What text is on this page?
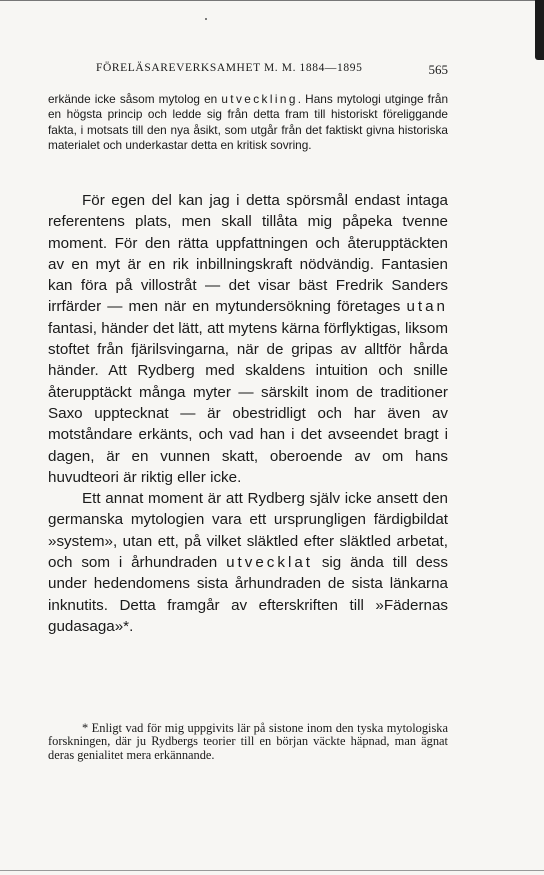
FÖRELÄSAREVERKSAMHET M. M. 1884—1895	565
erkände icke såsom mytolog en utveckling. Hans mytologi utginge från en högsta princip och ledde sig från detta fram till historiskt föreliggande fakta, i motsats till den nya åsikt, som utgår från det faktiskt givna historiska materialet och underkastar detta en kritisk sovring.

För egen del kan jag i detta spörsmål endast intaga referentens plats, men skall tillåta mig påpeka tvenne moment. För den rätta uppfattningen och återupptäckten av en myt är en rik inbillningskraft nödvändig. Fantasien kan föra på villostråt — det visar bäst Fredrik Sanders irrfärder — men när en mytundersökning företages utan fantasi, händer det lätt, att mytens kärna förflyktigas, liksom stoftet från fjärilsvingarna, när de gripas av alltför hårda händer. Att Rydberg med skaldens intuition och snille återupptäckt många myter — särskilt inom de traditioner Saxo upptecknat — är obestridligt och har även av motståndare erkänts, och vad han i det avseendet bragt i dagen, är en vunnen skatt, oberoende av om hans huvudteori är riktig eller icke.

Ett annat moment är att Rydberg själv icke ansett den germanska mytologien vara ett ursprungligen färdigbildat »system», utan ett, på vilket släktled efter släktled arbetat, och som i århundraden utvecklat sig ända till dess under hedendomens sista århundraden de sista länkarna inknutits. Detta framgår av efterskriften till »Fädernas gudasaga»*.

* Enligt vad för mig uppgivits lär på sistone inom den tyska mytologiska forskningen, där ju Rydbergs teorier till en början väckte häpnad, man ägnat deras genialitet mera erkännande.
